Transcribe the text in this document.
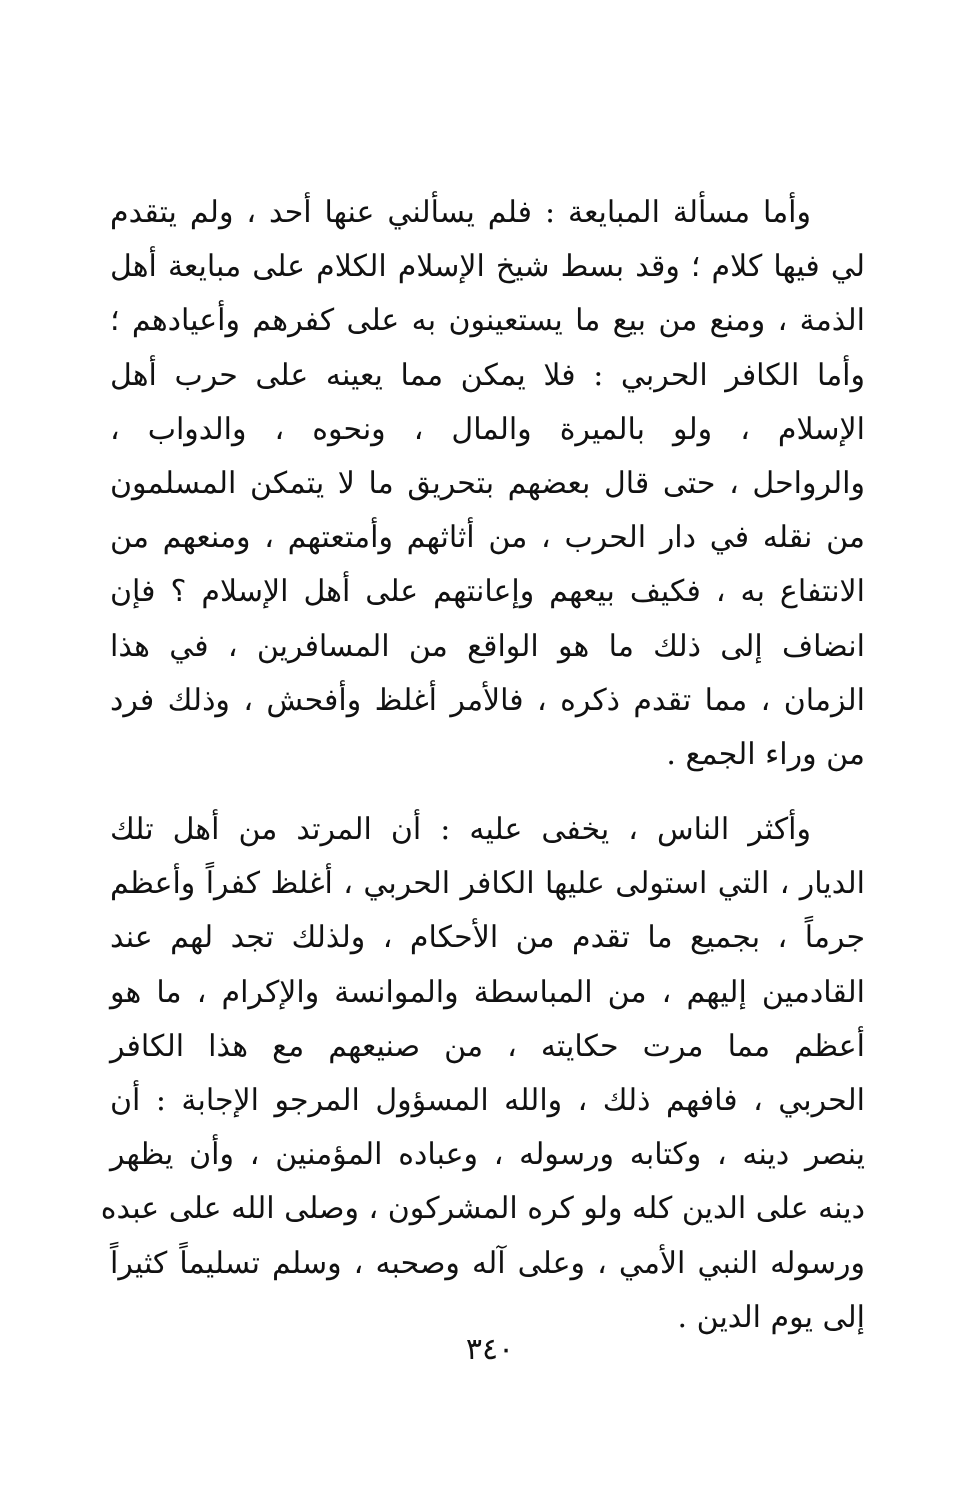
وأما مسألة المبايعة : فلم يسألني عنها أحد ، ولم يتقدم
لي فيها كلام ؛ وقد بسط شيخ الإسلام الكلام على مبايعة أهل
الذمة ، ومنع من بيع ما يستعينون به على كفرهم وأعيادهم ؛
وأما الكافر الحربي : فلا يمكن مما يعينه على حرب أهل
الإسلام ، ولو بالميرة والمال ، ونحوه ، والدواب ،
والرواحل ، حتى قال بعضهم بتحريق ما لا يتمكن المسلمون
من نقله في دار الحرب ، من أثاثهم وأمتعتهم ، ومنعهم من
الانتفاع به ، فكيف بيعهم وإعانتهم على أهل الإسلام ؟ فإن
انضاف إلى ذلك ما هو الواقع من المسافرين ، في هذا
الزمان ، مما تقدم ذكره ، فالأمر أغلظ وأفحش ، وذلك فرد
من وراء الجمع .
وأكثر الناس ، يخفى عليه : أن المرتد من أهل تلك
الديار ، التي استولى عليها الكافر الحربي ، أغلظ كفراً وأعظم
جرماً ، بجميع ما تقدم من الأحكام ، ولذلك تجد لهم عند
القادمين إليهم ، من المباسطة والموانسة والإكرام ، ما هو
أعظم مما مرت حكايته ، من صنيعهم مع هذا الكافر
الحربي ، فافهم ذلك ، والله المسؤول المرجو الإجابة : أن
ينصر دينه ، وكتابه ورسوله ، وعباده المؤمنين ، وأن يظهر
دينه على الدين كله ولو كره المشركون ، وصلى الله على عبده
ورسوله النبي الأمي ، وعلى آله وصحبه ، وسلم تسليماً كثيراً
إلى يوم الدين .
٣٤٠
